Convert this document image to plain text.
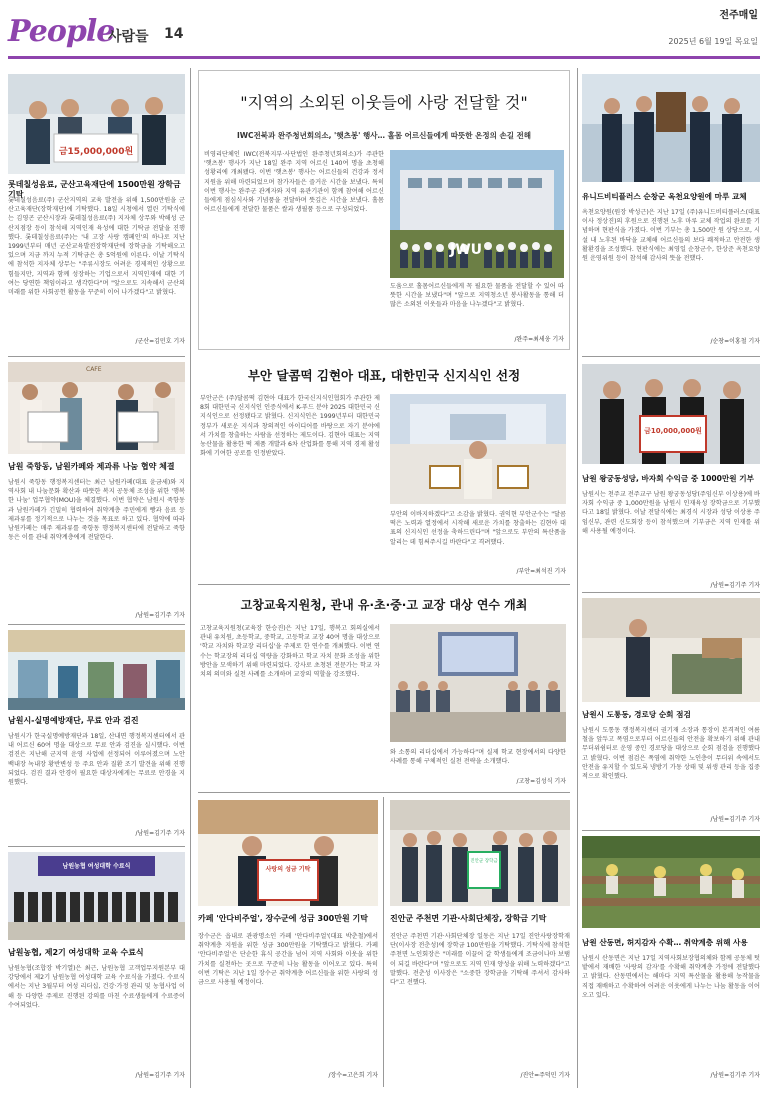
People
사람들 14
전주매일
2025년 6월 19일 목요일
금15,000,000원
롯데칠성음료, 군산고육재단에 1500만원 장학금 기탁
롯데칠성음료(주) 군산지역의 교육 발전을 위해 1,500만원을 군산고육재단(장학재단)에 기탁했다. 18일 시청에서 열린 기탁식에는 김영곤 군산시장과 롯데칠성음료(주) 지자체 상무와 박해성 군산지점장 등이 참석해 지역인재 육성에 대한 기탁금 전달을 진행했다. 롯데칠성음료(주)는 '내 고장 사랑 캠페인'의 하나로 지난 1999년부터 매년 군산교육발전장학재단에 장학금을 기탁해오고 있으며 지금 까지 누적 기탁금은 총 5억원에 이른다. 이날 기탁식에 참석한 지자체 상무는 "주류시장도 어려운 경제적인 상황으로 힘들지만, 지역과 함께 성장하는 기업으로서 지역인재에 대한 기여는 당연한 책임이라고 생각한다"며 "앞으로도 지속해서 군산의 미래를 위한 사회공헌 활동을 꾸준히 이어 나가겠다"고 밝혔다.
/군산=김민호 기자
CAFE
남원 죽항동, 남원카페와 제과류 나눔 협약 체결
남원시 죽항동 행정복지센터는 최근 남원카페(대표 윤금세)와 지역사회 내 나눔문화 확산과 따뜻한 복지 공동체 조성을 위한 '행복한 나눔' 업무협약(MOU)을 체결했다. 이번 협약은 남원시 죽항동과 남원카페가 긴밀히 협력하여 취약계층 주민에게 빵과 음료 등 제과류를 정기적으로 나누는 것을 목표로 하고 있다. 협약에 따라 남원카페는 매주 제과류를 죽항동 행정복지센터에 전달하고 죽항동은 이를 관내 취약계층에게 전달한다.
/남원=김기주 기자
남원시-실명예방재단, 무료 안과 검진
남원시가 한국실명예방재단과 18일, 산내면 행정복지센터에서 관내 어르신 60여 명을 대상으로 무료 안과 검진을 실시했다. 이번 검진은 지난해 군지역 운영 사업에 선정되어 이루어졌으며 노안 백내장 녹내장 황반변성 등 주요 안과 질환 조기 발견을 위해 진행되었다. 검진 결과 안경이 필요한 대상자에게는 무료로 안경을 지원했다.
/남원=김기주 기자
남원농협 여성대학 수료식
남원농협, 제2기 여성대학 교육 수료식
남원농협(조합장 박기열)은 최근, 남원농협 고객업무지원본부 대강당에서 제2기 남원농협 여성대학 교육 수료식을 가졌다. 수료식에서는 지난 3월부터 여성 리더십, 건강·가정 관리 및 농협사업 이해 등 다양한 주제로 진행된 강의를 마친 수료생들에게 수료증이 수여되었다.
/남원=김기주 기자
"지역의 소외된 이웃들에 사랑 전달할 것"
IWC전북과 완주청년회의소, '햇츠봉' 행사… 홀몸 어르신들에게 따뜻한 온정의 손길 전해
비영리단체인 IWC(전북지부·사단법인 완주청년회의소)가 주관한 '햇츠봉' 행사가 지난 18일 완주 지역 어르신 140여 명을 초청해 성황리에 개최됐다. 이번 '햇츠봉' 행사는 어르신들의 건강과 정서 지원을 위해 마련되었으며 참가자들은 즐거운 시간을 보냈다. 특히 이번 행사는 완주군 관계자와 지역 유관기관이 함께 참여해 어르신들에게 점심식사와 기념품을 전달하며 뜻깊은 시간을 보냈다. 홀몸어르신들에게 전달한 물품은 쌀과 생필품 등으로 구성되었다.
JWU
도움으로 홀몸어르신들에게 꼭 필요한 물품을 전달할 수 있어 따뜻한 시간을 보냈다"며 "앞으로 지역청소년 봉사활동을 통해 더 많은 소외된 이웃들과 마음을 나누겠다"고 밝혔다.
/완주=최세웅 기자
부안 달콤떡 김현아 대표, 대한민국 신지식인 선정
부안군은 (주)달콤떡 김현아 대표가 한국신지식인협회가 주관한 제8회 대한민국 신지식인 인증식에서 K-푸드 분야 2025 대한민국 신지식인으로 선정됐다고 밝혔다. 신지식인은 1999년부터 대한민국 정부가 새로운 지식과 창의적인 아이디어를 바탕으로 자기 분야에서 가치를 창출하는 사람을 선정하는 제도이다. 김현아 대표는 지역 농산물을 활용한 떡 제품 개발과 6차 산업화를 통해 지역 경제 활성화에 기여한 공로를 인정받았다.
부안의 이바지하겠다"고 소감을 밝혔다. 권익현 부안군수는 "달콤떡은 노력과 열정에서 시작해 새로운 가치를 창출하는 김현아 대표의 신지식인 선정을 축하드린다"며 "앞으로도 부안의 특산품을 알리는 데 힘써주시길 바란다"고 격려했다.
/부안=최석진 기자
고창교육지원청, 관내 유·초·중·고 교장 대상 연수 개최
고창교육지원청(교육장 한승진)은 지난 17일, 행복고 회의실에서 관내 유치원, 초등학교, 중학교, 고등학교 교장 40여 명을 대상으로 '학교 자치와 학교장 리더십'을 주제로 한 연수를 개최했다. 이번 연수는 학교장의 리더십 역량을 강화하고 학교 자치 문화 조성을 위한 방안을 모색하기 위해 마련되었다. 강사로 초청된 전문가는 학교 자치의 의미와 실천 사례를 소개하며 교장의 역할을 강조했다.
와 소통의 리더십에서 가능하다"며 실제 학교 현장에서의 다양한 사례를 통해 구체적인 실천 전략을 소개했다.
/고창=김성식 기자
사랑의 성금 기탁
카페 '안다비주얼', 장수군에 성금 300만원 기탁
장수군은 읍내로 관광명소인 카페 '안다비주얼'(대표 박춘철)에서 취약계층 지원을 위한 성금 300만원을 기탁했다고 밝혔다. 카페 '안다비주얼'은 단순한 휴식 공간을 넘어 지역 사회와 이웃을 위한 가치를 실천하는 곳으로 꾸준히 나눔 활동을 이어오고 있다. 특히 이번 기탁은 지난 1일 장수군 취약계층 어르신들을 위한 사랑의 성금으로 사용될 예정이다.
/장수=고은희 기자
진안군 장학금
진안군 주천면 기관·사회단체장, 장학금 기탁
진안군 주천면 기관·사회단체장 일동은 지난 17일 진안사랑장학재단(이사장 전춘성)에 장학금 100만원을 기탁했다. 기탁식에 참석한 주천면 노인회장은 "미래를 이끌어 갈 학생들에게 조금이나마 보탬이 되길 바란다"며 "앞으로도 지역 인재 양성을 위해 노력하겠다"고 말했다. 전춘성 이사장은 "소중한 장학금을 기탁해 주셔서 감사하다"고 전했다.
/진안=주덕민 기자
유니드비티플러스 순창군 옥천요양원에 마루 교체
옥천요양원(원장 박성근)은 지난 17일 (주)유니드비티플러스(대표이사 정상진)의 후원으로 진행된 노후 마루 교체 작업의 완료를 기념하며 현판식을 가졌다. 이번 기부는 총 1,500만 원 상당으로, 시설 내 노후된 바닥을 교체해 어르신들의 보다 쾌적하고 안전한 생활환경을 조성했다. 현판식에는 최영일 순창군수, 한상준 옥천요양원 운영위원 등이 참석해 감사의 뜻을 전했다.
/순창=이홍철 기자
금10,000,000원
남원 왕궁동성당, 바자회 수익금 중 1000만원 기부
남원시는 천주교 전주교구 남원 왕궁동성당(주임신부 이상용)에 바자회 수익금 중 1,000만원을 남원시 인재육성 장학금으로 기부했다고 18일 밝혔다. 이날 전달식에는 최경식 시장과 성당 이상용 주임신부, 관련 신도회장 등이 참석했으며 기부금은 지역 인재를 위해 사용될 예정이다.
/남원=김기주 기자
남원시 도통동, 경로당 순회 점검
남원시 도통동 행정복지센터 권기재 소장과 통장이 본격적인 여름철을 앞두고 폭염으로부터 어르신들의 안전을 확보하기 위해 관내 무더위쉼터로 운영 중인 경로당을 대상으로 순회 점검을 진행했다고 밝혔다. 이번 점검은 폭염에 취약한 노인층이 무더위 속에서도 안전을 유지할 수 있도록 냉방기 가동 상태 및 위생 관리 등을 집중적으로 확인했다.
/남원=김기주 기자
남원 산동면, 허지감자 수확… 취약계층 위해 사용
남원시 산동면은 지난 17일 지역사회보장협의체와 함께 공동체 텃밭에서 재배한 '사랑의 감자'를 수확해 취약계층 가정에 전달했다고 밝혔다. 산동면에서는 해마다 지역 특산물을 활용해 농작물을 직접 재배하고 수확하여 어려운 이웃에게 나누는 나눔 활동을 이어오고 있다.
/남원=김기주 기자
